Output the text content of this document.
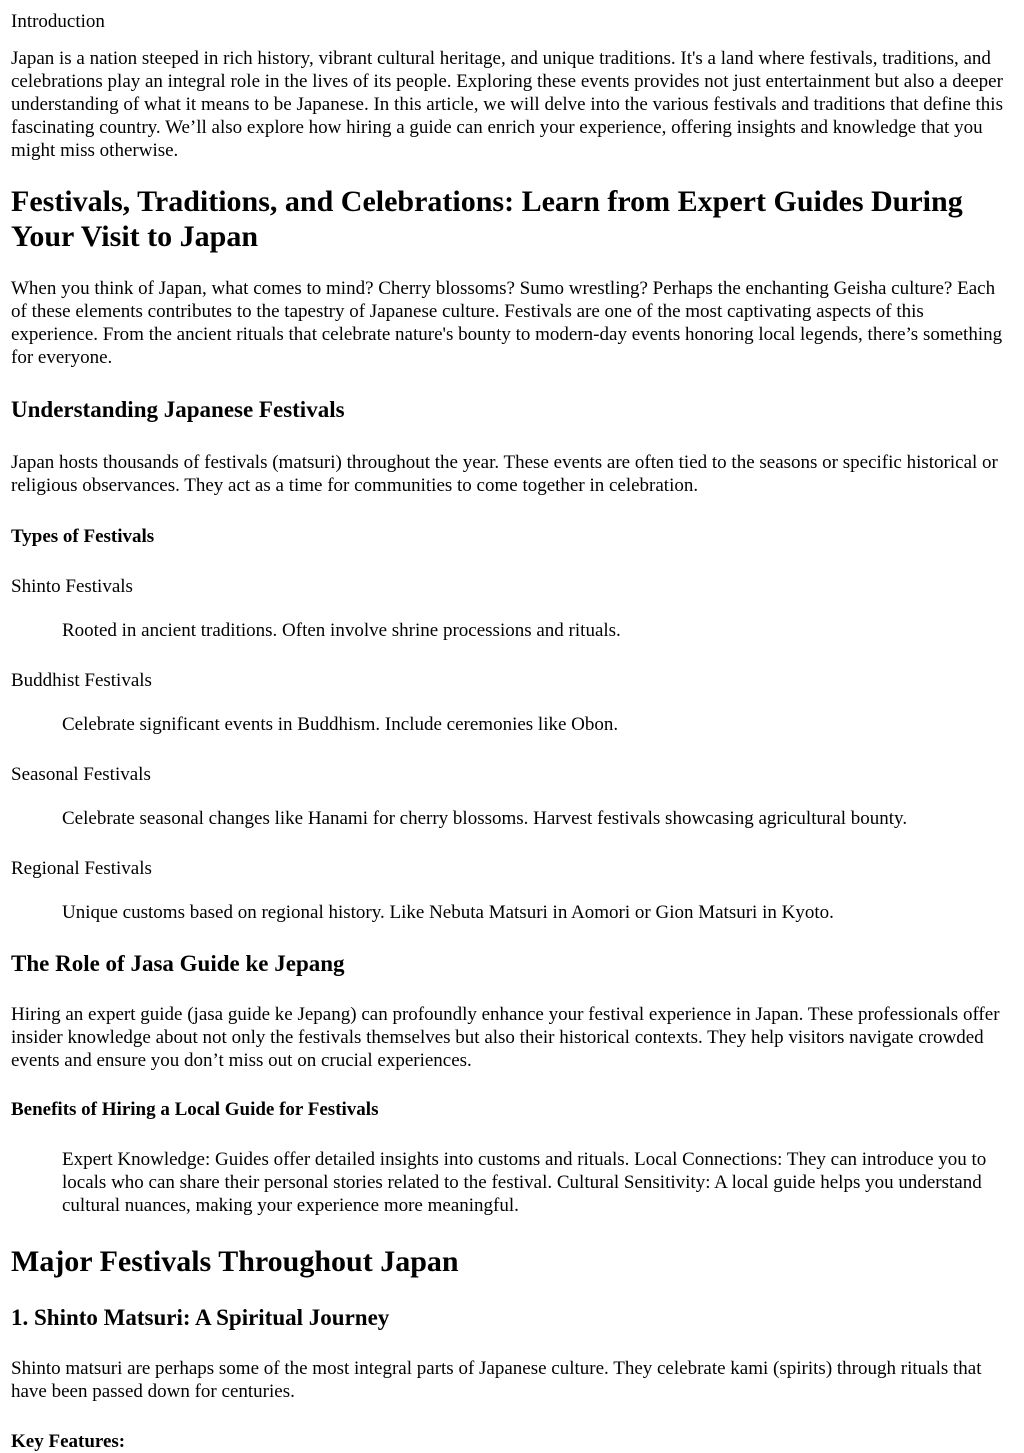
Introduction

Japan is a nation steeped in rich history, vibrant cultural heritage, and unique traditions. It's a land where festivals, traditions, and celebrations play an integral role in the lives of its people. Exploring these events provides not just entertainment but also a deeper understanding of what it means to be Japanese. In this article, we will delve into the various festivals and traditions that define this fascinating country. We’ll also explore how hiring a guide can enrich your experience, offering insights and knowledge that you might miss otherwise.

Festivals, Traditions, and Celebrations: Learn from Expert Guides During Your Visit to Japan

When you think of Japan, what comes to mind? Cherry blossoms? Sumo wrestling? Perhaps the enchanting Geisha culture? Each of these elements contributes to the tapestry of Japanese culture. Festivals are one of the most captivating aspects of this experience. From the ancient rituals that celebrate nature's bounty to modern-day events honoring local legends, there’s something for everyone.

Understanding Japanese Festivals

Japan hosts thousands of festivals (matsuri) throughout the year. These events are often tied to the seasons or specific historical or religious observances. They act as a time for communities to come together in celebration.

Types of Festivals

Shinto Festivals

Rooted in ancient traditions. Often involve shrine processions and rituals.

Buddhist Festivals

Celebrate significant events in Buddhism. Include ceremonies like Obon.

Seasonal Festivals

Celebrate seasonal changes like Hanami for cherry blossoms. Harvest festivals showcasing agricultural bounty.

Regional Festivals

Unique customs based on regional history. Like Nebuta Matsuri in Aomori or Gion Matsuri in Kyoto.

The Role of Jasa Guide ke Jepang

Hiring an expert guide (jasa guide ke Jepang) can profoundly enhance your festival experience in Japan. These professionals offer insider knowledge about not only the festivals themselves but also their historical contexts. They help visitors navigate crowded events and ensure you don’t miss out on crucial experiences.

Benefits of Hiring a Local Guide for Festivals

Expert Knowledge: Guides offer detailed insights into customs and rituals. Local Connections: They can introduce you to locals who can share their personal stories related to the festival. Cultural Sensitivity: A local guide helps you understand cultural nuances, making your experience more meaningful.

Major Festivals Throughout Japan
1. Shinto Matsuri: A Spiritual Journey

Shinto matsuri are perhaps some of the most integral parts of Japanese culture. They celebrate kami (spirits) through rituals that have been passed down for centuries.

Key Features:
